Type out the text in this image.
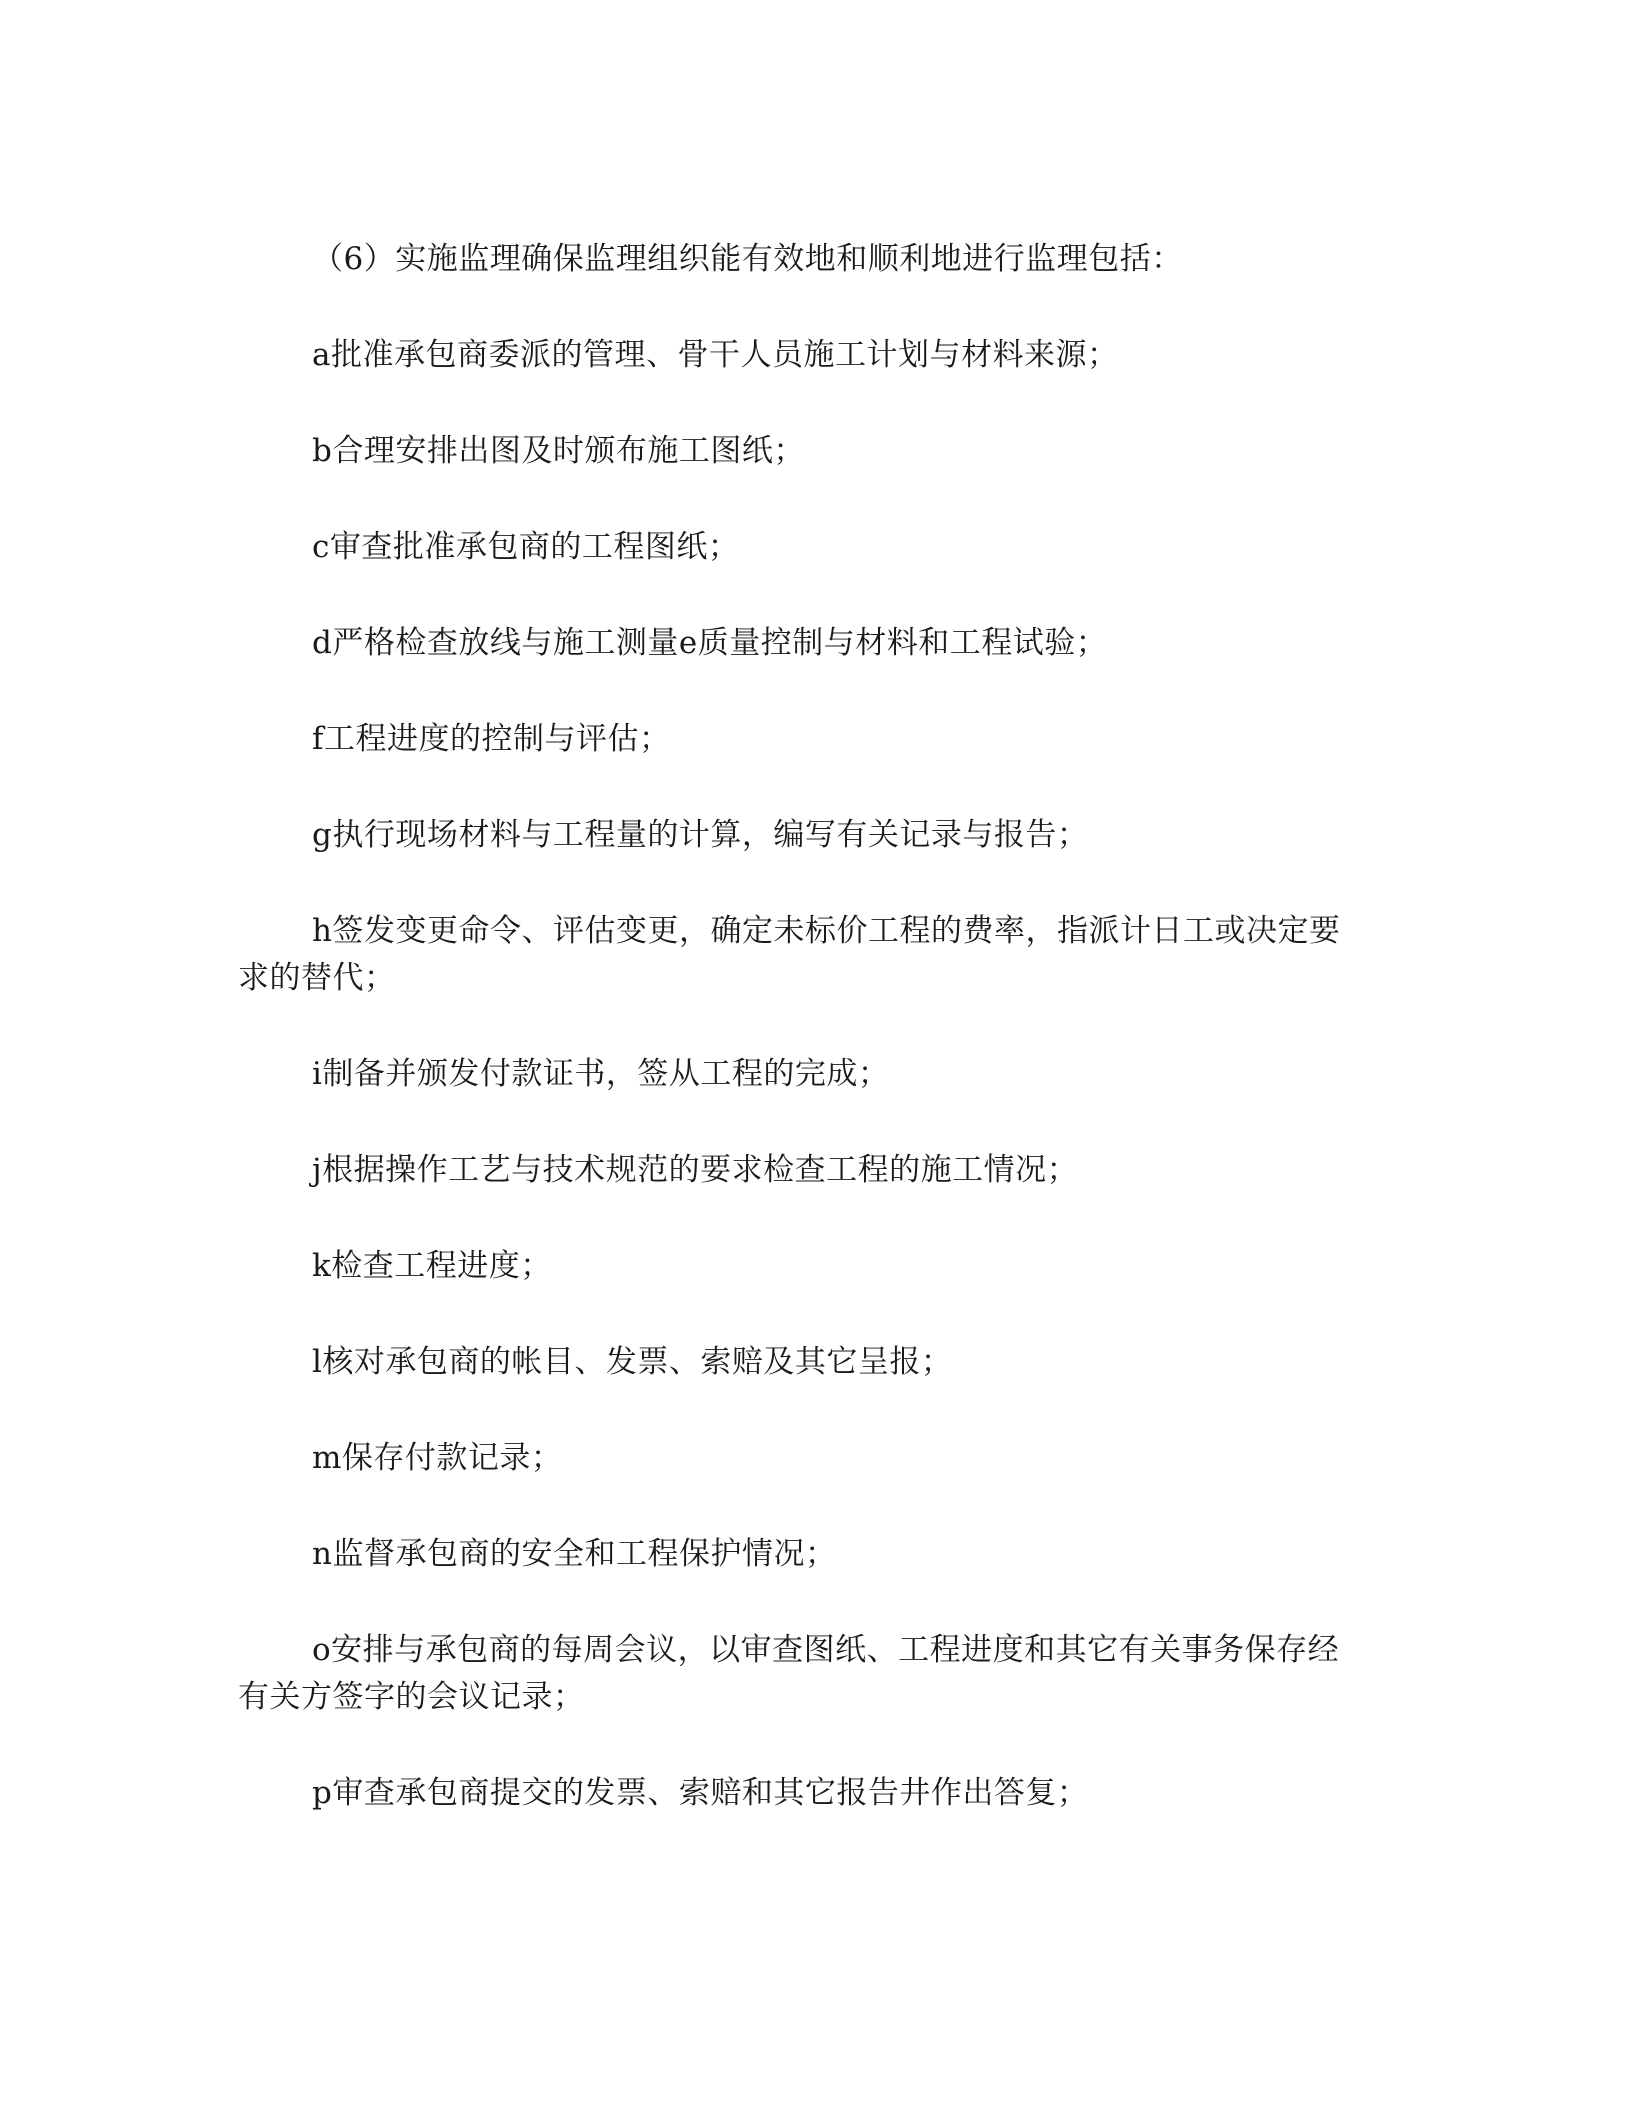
（6）实施监理确保监理组织能有效地和顺利地进行监理包括：

a批准承包商委派的管理、骨干人员施工计划与材料来源；

b合理安排出图及时颁布施工图纸；

c审查批准承包商的工程图纸；

d严格检查放线与施工测量e质量控制与材料和工程试验；

f工程进度的控制与评估；

g执行现场材料与工程量的计算，编写有关记录与报告；

h签发变更命令、评估变更，确定未标价工程的费率，指派计日工或决定要求的替代；

i制备并颁发付款证书，签从工程的完成；

j根据操作工艺与技术规范的要求检查工程的施工情况；

k检查工程进度；

l核对承包商的帐目、发票、索赔及其它呈报；

m保存付款记录；

n监督承包商的安全和工程保护情况；

o安排与承包商的每周会议，以审查图纸、工程进度和其它有关事务保存经有关方签字的会议记录；

p审查承包商提交的发票、索赔和其它报告井作出答复；
